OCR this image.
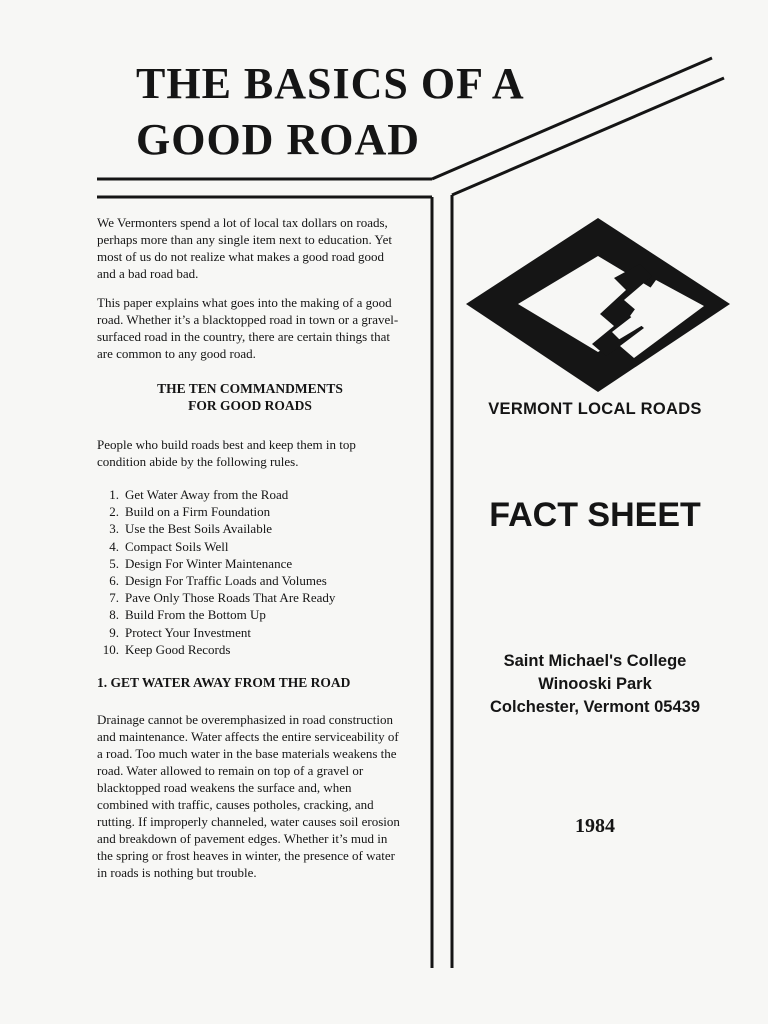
THE BASICS OF A
GOOD ROAD

We Vermonters spend a lot of local tax dollars on roads, perhaps more than any single item next to education. Yet most of us do not realize what makes a good road good and a bad road bad.

This paper explains what goes into the making of a good road. Whether it’s a blacktopped road in town or a gravel-surfaced road in the country, there are certain things that are common to any good road.

THE TEN COMMANDMENTS
FOR GOOD ROADS

People who build roads best and keep them in top condition abide by the following rules.

1. Get Water Away from the Road
2. Build on a Firm Foundation
3. Use the Best Soils Available
4. Compact Soils Well
5. Design For Winter Maintenance
6. Design For Traffic Loads and Volumes
7. Pave Only Those Roads That Are Ready
8. Build From the Bottom Up
9. Protect Your Investment
10. Keep Good Records
1. GET WATER AWAY FROM THE ROAD

Drainage cannot be overemphasized in road construction and maintenance. Water affects the entire serviceability of a road. Too much water in the base materials weakens the road. Water allowed to remain on top of a gravel or blacktopped road weakens the surface and, when combined with traffic, causes potholes, cracking, and rutting. If improperly channeled, water causes soil erosion and breakdown of pavement edges. Whether it’s mud in the spring or frost heaves in winter, the presence of water in roads is nothing but trouble.

VERMONT LOCAL ROADS
FACT SHEET
Saint Michael's College
Winooski Park
Colchester, Vermont 05439
1984
